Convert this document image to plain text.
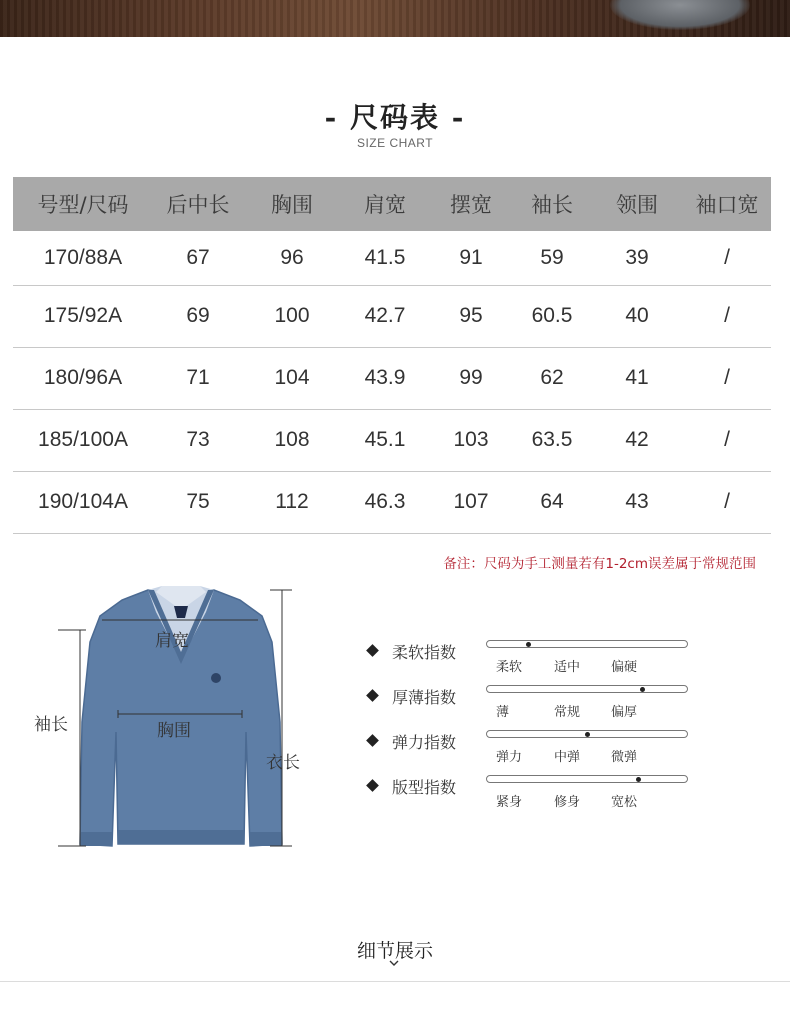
- 尺码表 -
SIZE CHART
号型/尺码	后中长	胸围	肩宽	摆宽	袖长	领围	袖口宽
170/88A	67	96	41.5	91	59	39	/
175/92A	69	100	42.7	95	60.5	40	/
180/96A	71	104	43.9	99	62	41	/
185/100A	73	108	45.1	103	63.5	42	/
190/104A	75	112	46.3	107	64	43	/
备注：尺码为手工测量若有1-2cm误差属于常规范围
肩宽
胸围
袖长
衣长
柔软指数
柔软 适中 偏硬
厚薄指数
薄	常规 偏厚
弹力指数
弹力 中弹 微弹
版型指数
紧身 修身 宽松
细节展示
